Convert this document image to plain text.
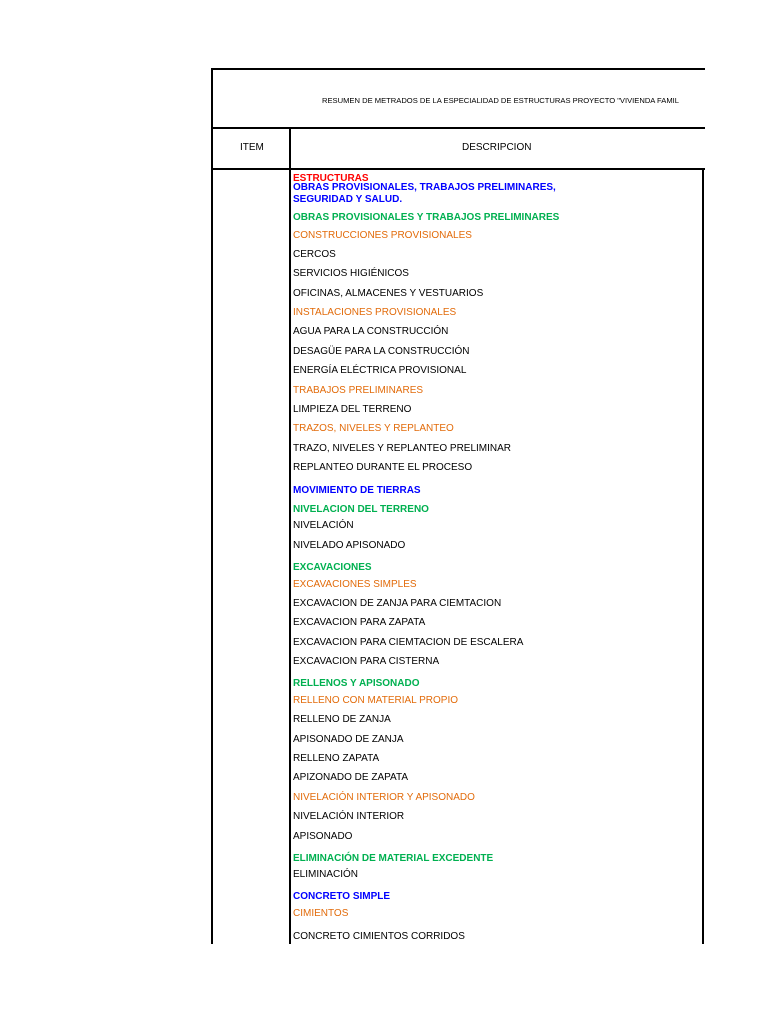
RESUMEN DE METRADOS DE LA ESPECIALIDAD DE ESTRUCTURAS PROYECTO "VIVIENDA FAMIL
ITEM	DESCRIPCION
ESTRUCTURAS
OBRAS PROVISIONALES, TRABAJOS PRELIMINARES,
SEGURIDAD Y SALUD.
OBRAS PROVISIONALES Y TRABAJOS PRELIMINARES
CONSTRUCCIONES PROVISIONALES
CERCOS
SERVICIOS HIGIÉNICOS
OFICINAS, ALMACENES Y VESTUARIOS
INSTALACIONES PROVISIONALES
AGUA PARA LA CONSTRUCCIÓN
DESAGÜE PARA LA CONSTRUCCIÓN
ENERGÍA ELÉCTRICA PROVISIONAL
TRABAJOS PRELIMINARES
LIMPIEZA DEL TERRENO
TRAZOS, NIVELES Y REPLANTEO
TRAZO, NIVELES Y REPLANTEO PRELIMINAR
REPLANTEO DURANTE EL PROCESO
MOVIMIENTO DE TIERRAS
NIVELACION DEL TERRENO
NIVELACIÓN
NIVELADO APISONADO
EXCAVACIONES
EXCAVACIONES SIMPLES
EXCAVACION DE ZANJA PARA CIEMTACION
EXCAVACION PARA ZAPATA
EXCAVACION PARA CIEMTACION DE ESCALERA
EXCAVACION PARA CISTERNA
RELLENOS Y APISONADO
RELLENO CON MATERIAL PROPIO
RELLENO DE ZANJA
APISONADO DE ZANJA
RELLENO ZAPATA
APIZONADO DE ZAPATA
NIVELACIÓN INTERIOR Y APISONADO
NIVELACIÓN INTERIOR
APISONADO
ELIMINACIÓN DE MATERIAL EXCEDENTE
ELIMINACIÓN
CONCRETO SIMPLE
CIMIENTOS
CONCRETO CIMIENTOS CORRIDOS
